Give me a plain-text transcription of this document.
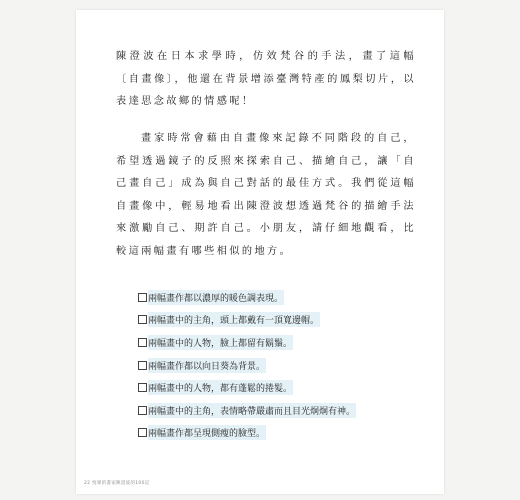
陳澄波在日本求學時，仿效梵谷的手法，畫了這幅〔自畫像〕，他還在背景增添臺灣特產的鳳梨切片，以表達思念故鄉的情感呢！

畫家時常會藉由自畫像來記錄不同階段的自己，希望透過鏡子的反照來探索自己、描繪自己，讓「自己畫自己」成為與自己對話的最佳方式。我們從這幅自畫像中，輕易地看出陳澄波想透過梵谷的描繪手法來激勵自己、期許自己。小朋友，請仔細地觀看，比較這兩幅畫有哪些相似的地方。

兩幅畫作都以濃厚的暖色調表現。
兩幅畫中的主角，頭上都戴有一頂寬邊帽。
兩幅畫中的人物，臉上都留有鬍鬚。
兩幅畫作都以向日葵為背景。
兩幅畫中的人物，都有蓬鬆的捲髮。
兩幅畫中的主角，表情略帶嚴肅而且目光炯炯有神。
兩幅畫作都呈現側瘦的臉型。
22 悅眾的畫家陳澄波的100記
